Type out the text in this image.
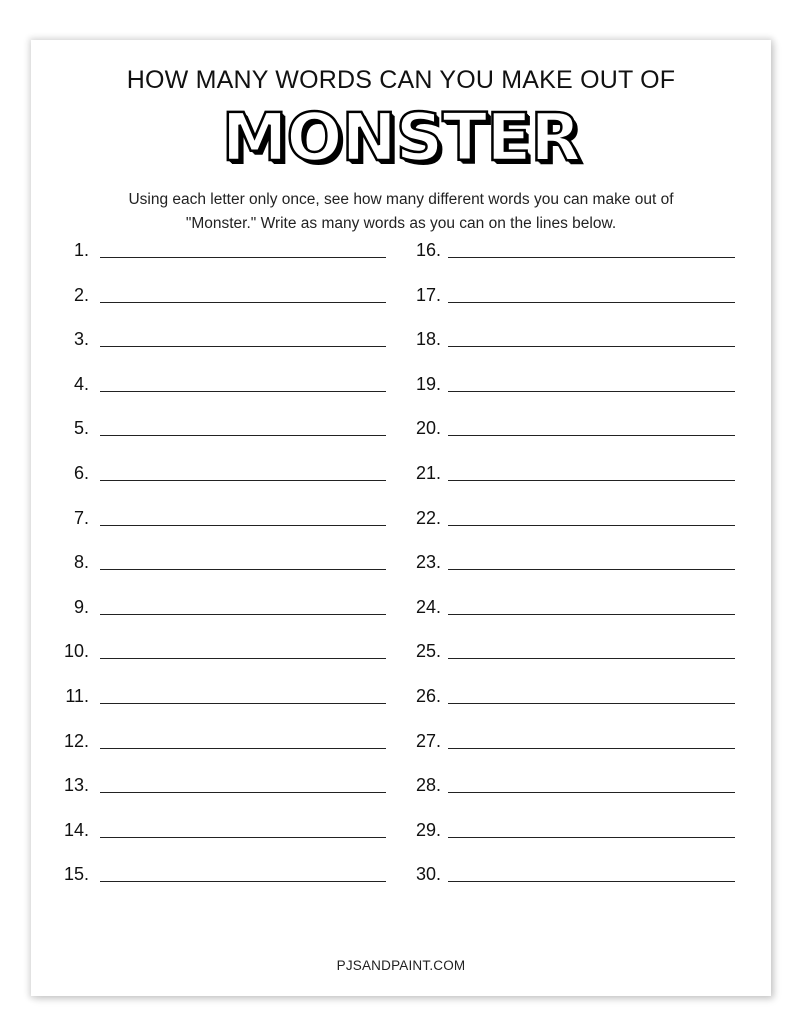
HOW MANY WORDS CAN YOU MAKE OUT OF
MONSTER
Using each letter only once, see how many different words you can make out of
"Monster." Write as many words as you can on the lines below.
1.
2.
3.
4.
5.
6.
7.
8.
9.
10.
11.
12.
13.
14.
15.
16.
17.
18.
19.
20.
21.
22.
23.
24.
25.
26.
27.
28.
29.
30.
PJSANDPAINT.COM
